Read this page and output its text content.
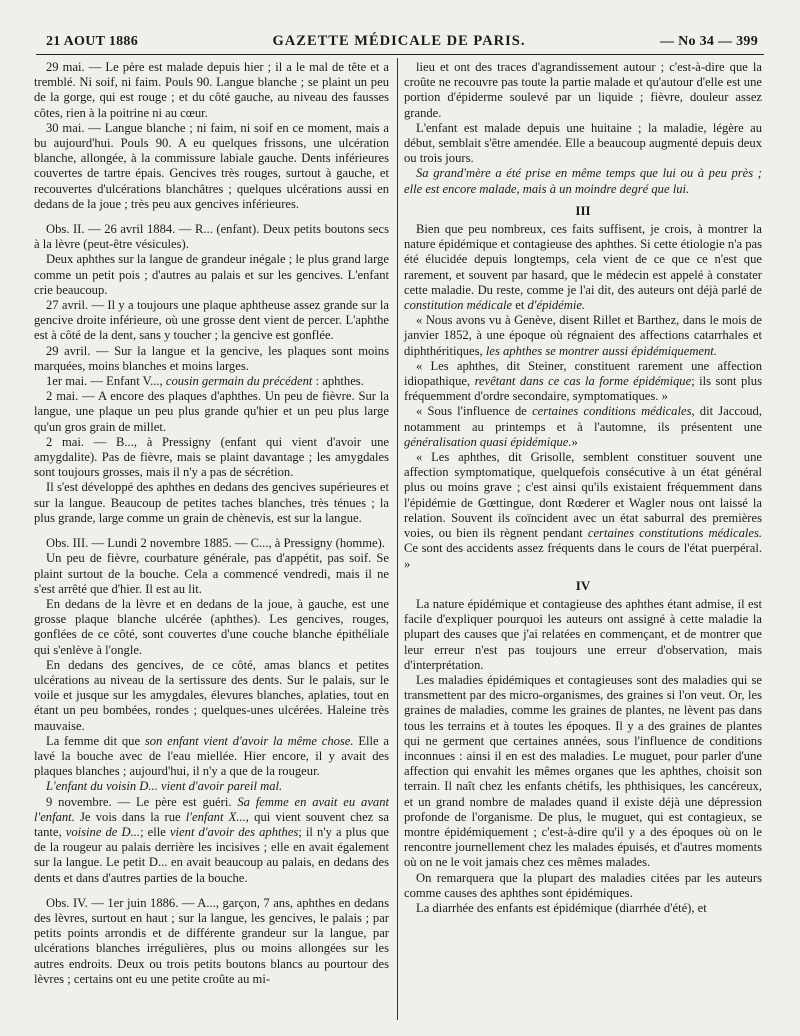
21 AOUT 1886	GAZETTE MÉDICALE DE PARIS.	— No 34 — 399

29 mai. — Le père est malade depuis hier ; il a le mal de tête et a tremblé. Ni soif, ni faim. Pouls 90. Langue blanche ; se plaint un peu de la gorge, qui est rouge ; et du côté gauche, au niveau des fausses côtes, rien à la poitrine ni au cœur.

30 mai. — Langue blanche ; ni faim, ni soif en ce moment, mais a bu aujourd'hui. Pouls 90. A eu quelques frissons, une ulcération blanche, allongée, à la commissure labiale gauche. Dents inférieures couvertes de tartre épais. Gencives très rouges, surtout à gauche, et recouvertes d'ulcérations blanchâtres ; quelques ulcérations aussi en dedans de la joue ; très peu aux gencives inférieures.

Obs. II. — 26 avril 1884. — R... (enfant). Deux petits boutons secs à la lèvre (peut-être vésicules).

Deux aphthes sur la langue de grandeur inégale ; le plus grand large comme un petit pois ; d'autres au palais et sur les gencives. L'enfant crie beaucoup.

27 avril. — Il y a toujours une plaque aphtheuse assez grande sur la gencive droite inférieure, où une grosse dent vient de percer. L'aphthe est à côté de la dent, sans y toucher ; la gencive est gonflée.

29 avril. — Sur la langue et la gencive, les plaques sont moins marquées, moins blanches et moins larges.

1er mai. — Enfant V..., cousin germain du précédent : aphthes.

2 mai. — A encore des plaques d'aphthes. Un peu de fièvre. Sur la langue, une plaque un peu plus grande qu'hier et un peu plus large qu'un gros grain de millet.

2 mai. — B..., à Pressigny (enfant qui vient d'avoir une amygdalite). Pas de fièvre, mais se plaint davantage ; les amygdales sont toujours grosses, mais il n'y a pas de sécrétion.

Il s'est développé des aphthes en dedans des gencives supérieures et sur la langue. Beaucoup de petites taches blanches, très ténues ; la plus grande, large comme un grain de chènevis, est sur la langue.

Obs. III. — Lundi 2 novembre 1885. — C..., à Pressigny (homme).

Un peu de fièvre, courbature générale, pas d'appétit, pas soif. Se plaint surtout de la bouche. Cela a commencé vendredi, mais il ne s'est arrêté que d'hier. Il est au lit.

En dedans de la lèvre et en dedans de la joue, à gauche, est une grosse plaque blanche ulcérée (aphthes). Les gencives, rouges, gonflées de ce côté, sont couvertes d'une couche blanche épithéliale qui s'enlève à l'ongle.

En dedans des gencives, de ce côté, amas blancs et petites ulcérations au niveau de la sertissure des dents. Sur le palais, sur le voile et jusque sur les amygdales, élevures blanches, aplaties, tout en étant un peu bombées, rondes ; quelques-unes ulcérées. Haleine très mauvaise.

La femme dit que son enfant vient d'avoir la même chose. Elle a lavé la bouche avec de l'eau miellée. Hier encore, il y avait des plaques blanches ; aujourd'hui, il n'y a que de la rougeur.

L'enfant du voisin D... vient d'avoir pareil mal.

9 novembre. — Le père est guéri. Sa femme en avait eu avant l'enfant. Je vois dans la rue l'enfant X..., qui vient souvent chez sa tante, voisine de D...; elle vient d'avoir des aphthes; il n'y a plus que de la rougeur au palais derrière les incisives ; elle en avait également sur la langue. Le petit D... en avait beaucoup au palais, en dedans des dents et dans d'autres parties de la bouche.

Obs. IV. — 1er juin 1886. — A..., garçon, 7 ans, aphthes en dedans des lèvres, surtout en haut ; sur la langue, les gencives, le palais ; par petits points arrondis et de différente grandeur sur la langue, par ulcérations blanches irrégulières, plus ou moins allongées sur les autres endroits. Deux ou trois petits boutons blancs au pourtour des lèvres ; certains ont eu une petite croûte au mi-

lieu et ont des traces d'agrandissement autour ; c'est-à-dire que la croûte ne recouvre pas toute la partie malade et qu'autour d'elle est une portion d'épiderme soulevé par un liquide ; fièvre, douleur assez grande.

L'enfant est malade depuis une huitaine ; la maladie, légère au début, semblait s'être amendée. Elle a beaucoup augmenté depuis deux ou trois jours.

Sa grand'mère a été prise en même temps que lui ou à peu près ; elle est encore malade, mais à un moindre degré que lui.

III

Bien que peu nombreux, ces faits suffisent, je crois, à montrer la nature épidémique et contagieuse des aphthes. Si cette étiologie n'a pas été élucidée depuis longtemps, cela vient de ce que ce n'est que rarement, et souvent par hasard, que le médecin est appelé à constater cette maladie. Du reste, comme je l'ai dit, des auteurs ont déjà parlé de constitution médicale et d'épidémie.

« Nous avons vu à Genève, disent Rillet et Barthez, dans le mois de janvier 1852, à une époque où régnaient des affections catarrhales et diphthéritiques, les aphthes se montrer aussi épidémiquement.

« Les aphthes, dit Steiner, constituent rarement une affection idiopathique, revêtant dans ce cas la forme épidémique; ils sont plus fréquemment d'ordre secondaire, symptomatiques. »

« Sous l'influence de certaines conditions médicales, dit Jaccoud, notamment au printemps et à l'automne, ils présentent une généralisation quasi épidémique.»

« Les aphthes, dit Grisolle, semblent constituer souvent une affection symptomatique, quelquefois consécutive à un état général plus ou moins grave ; c'est ainsi qu'ils existaient fréquemment dans l'épidémie de Gœttingue, dont Rœderer et Wagler nous ont laissé la relation. Souvent ils coïncident avec un état saburral des premières voies, ou bien ils règnent pendant certaines constitutions médicales. Ce sont des accidents assez fréquents dans le cours de l'état puerpéral. »

IV

La nature épidémique et contagieuse des aphthes étant admise, il est facile d'expliquer pourquoi les auteurs ont assigné à cette maladie la plupart des causes que j'ai relatées en commençant, et de montrer que leur erreur n'est pas toujours une erreur d'observation, mais d'interprétation.

Les maladies épidémiques et contagieuses sont des maladies qui se transmettent par des micro-organismes, des graines si l'on veut. Or, les graines de maladies, comme les graines de plantes, ne lèvent pas dans tous les terrains et à toutes les époques. Il y a des graines de plantes qui ne germent que certaines années, sous l'influence de conditions inconnues : ainsi il en est des maladies. Le muguet, pour parler d'une affection qui envahit les mêmes organes que les aphthes, choisit son terrain. Il naît chez les enfants chétifs, les phthisiques, les cancéreux, et un grand nombre de malades quand il existe déjà une dépression profonde de l'organisme. De plus, le muguet, qui est contagieux, se montre épidémiquement ; c'est-à-dire qu'il y a des époques où on le rencontre journellement chez les malades épuisés, et d'autres moments où on ne le voit jamais chez ces mêmes malades.

On remarquera que la plupart des maladies citées par les auteurs comme causes des aphthes sont épidémiques.

La diarrhée des enfants est épidémique (diarrhée d'été), et
